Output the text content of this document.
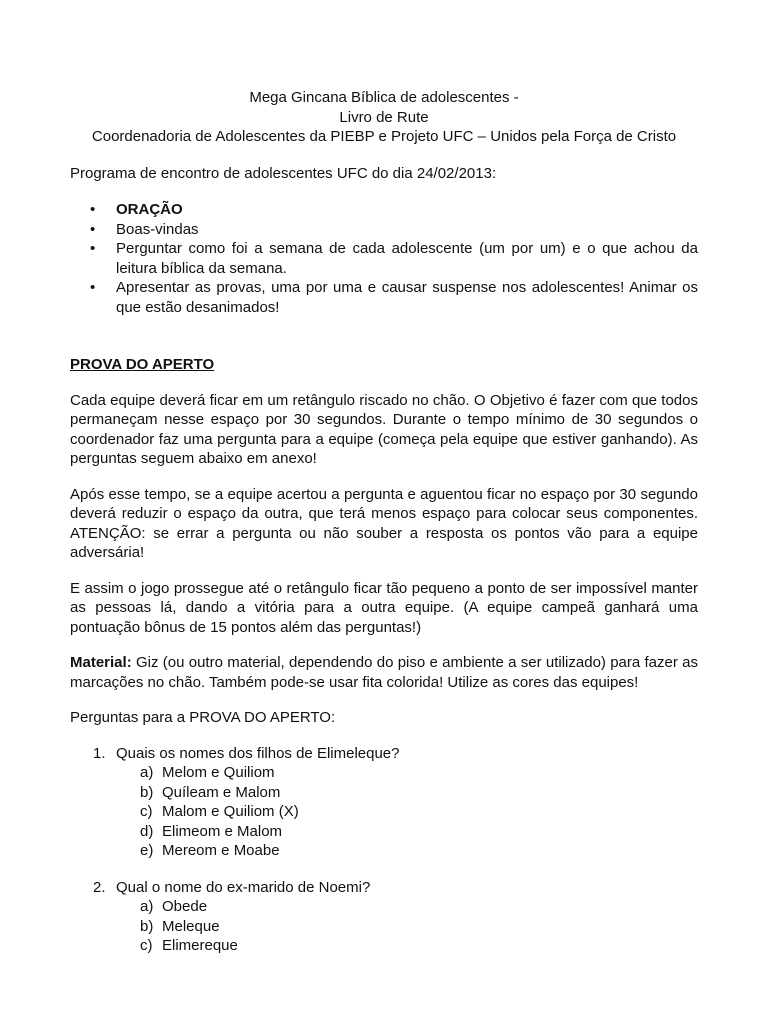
Mega Gincana Bíblica de adolescentes -
Livro de Rute
Coordenadoria de Adolescentes da PIEBP e Projeto UFC – Unidos pela Força de Cristo

Programa de encontro de adolescentes UFC do dia 24/02/2013:

• ORAÇÃO
• Boas-vindas
• Perguntar como foi a semana de cada adolescente (um por um) e o que achou da leitura bíblica da semana.
• Apresentar as provas, uma por uma e causar suspense nos adolescentes! Animar os que estão desanimados!
PROVA DO APERTO

Cada equipe deverá ficar em um retângulo riscado no chão. O Objetivo é fazer com que todos permaneçam nesse espaço por 30 segundos. Durante o tempo mínimo de 30 segundos o coordenador faz uma pergunta para a equipe (começa pela equipe que estiver ganhando). As perguntas seguem abaixo em anexo!

Após esse tempo, se a equipe acertou a pergunta e aguentou ficar no espaço por 30 segundo deverá reduzir o espaço da outra, que terá menos espaço para colocar seus componentes. ATENÇÃO: se errar a pergunta ou não souber a resposta os pontos vão para a equipe adversária!

E assim o jogo prossegue até o retângulo ficar tão pequeno a ponto de ser impossível manter as pessoas lá, dando a vitória para a outra equipe. (A equipe campeã ganhará uma pontuação bônus de 15 pontos além das perguntas!)

Material: Giz (ou outro material, dependendo do piso e ambiente a ser utilizado) para fazer as marcações no chão. Também pode-se usar fita colorida! Utilize as cores das equipes!

Perguntas para a PROVA DO APERTO:

1. Quais os nomes dos filhos de Elimeleque?
a) Melom e Quiliom
b) Quíleam e Malom
c) Malom e Quiliom (X)
d) Elimeom e Malom
e) Mereom e Moabe
2. Qual o nome do ex-marido de Noemi?
a) Obede
b) Meleque
c) Elimereque
